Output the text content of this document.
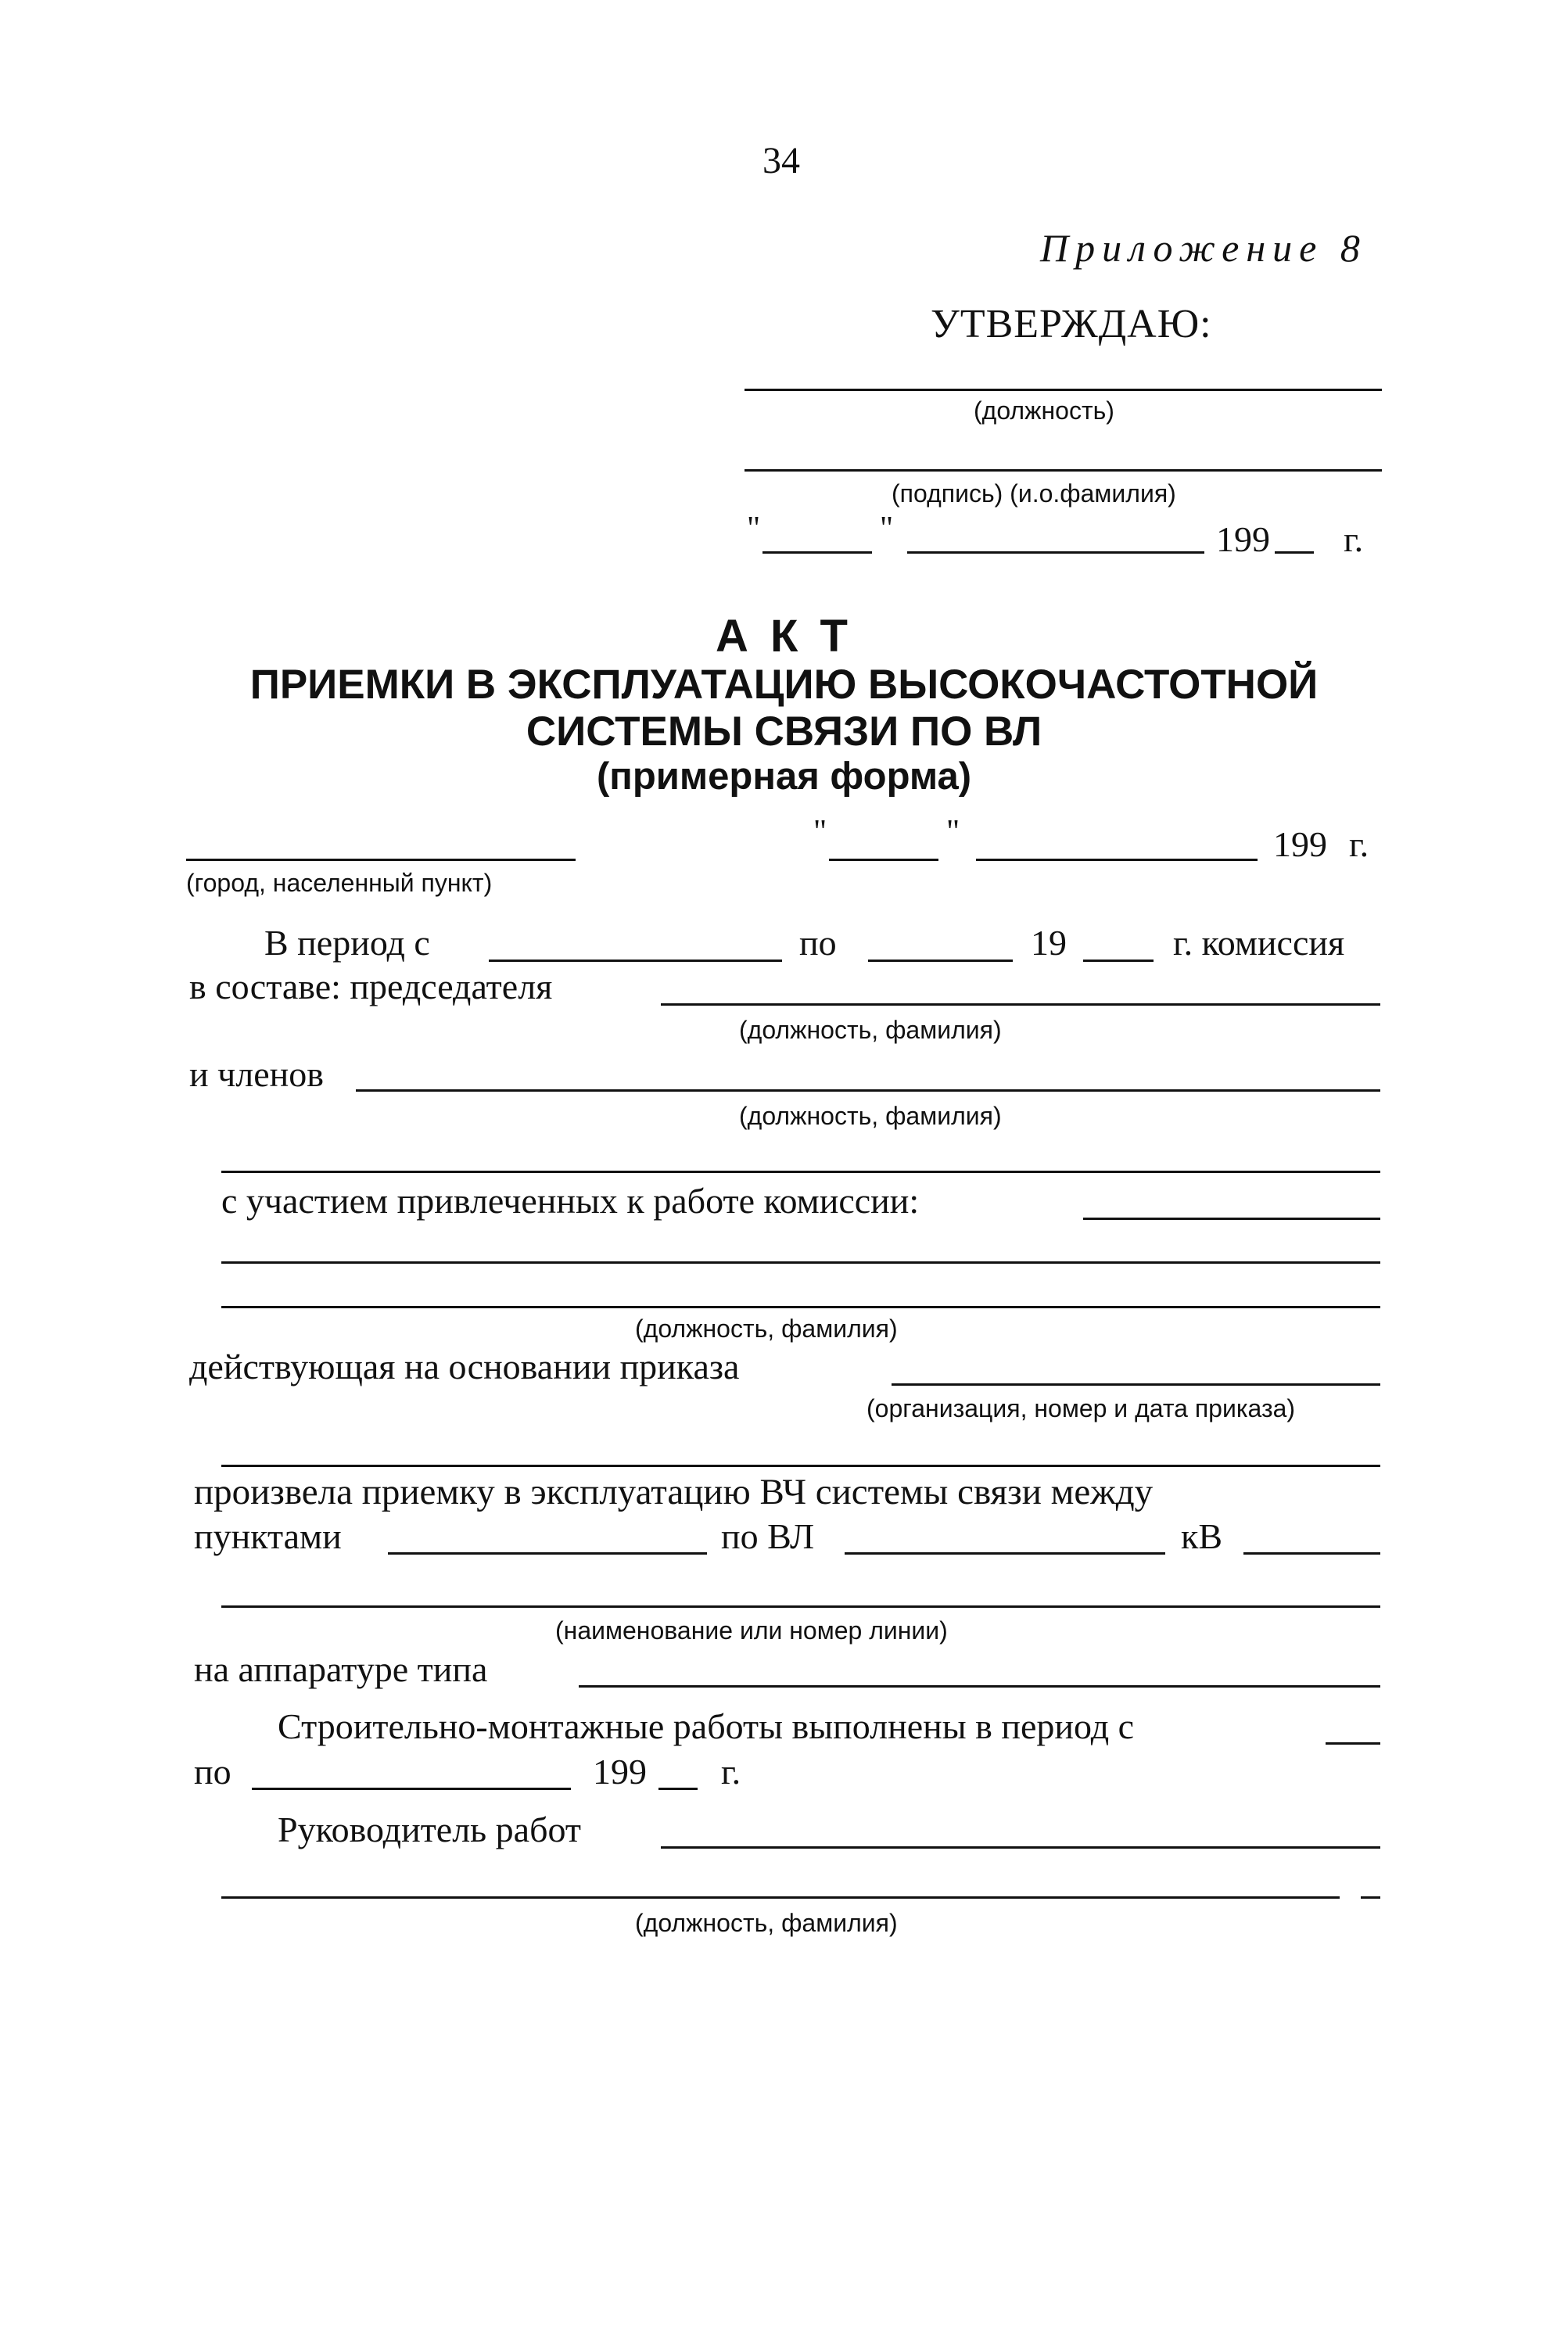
34
Приложение 8
УТВЕРЖДАЮ:
(должность)
(подпись) (и.о.фамилия)
"	"	199 г.
А К Т
ПРИЕМКИ В ЭКСПЛУАТАЦИЮ ВЫСОКОЧАСТОТНОЙ
СИСТЕМЫ СВЯЗИ ПО ВЛ
(примерная форма)
(город, населенный пункт)
"	"	199 г.
В период с	по	19	г. комиссия
в составе: председателя
(должность, фамилия)
и членов
(должность, фамилия)
с участием привлеченных к работе комиссии:
(должность, фамилия)
действующая на основании приказа
(организация, номер и дата приказа)
произвела приемку в эксплуатацию ВЧ системы связи между
пунктами	по ВЛ	кВ
(наименование или номер линии)
на аппаратуре типа
Строительно-монтажные работы выполнены в период с
по	199 г.
Руководитель работ
(должность, фамилия)
